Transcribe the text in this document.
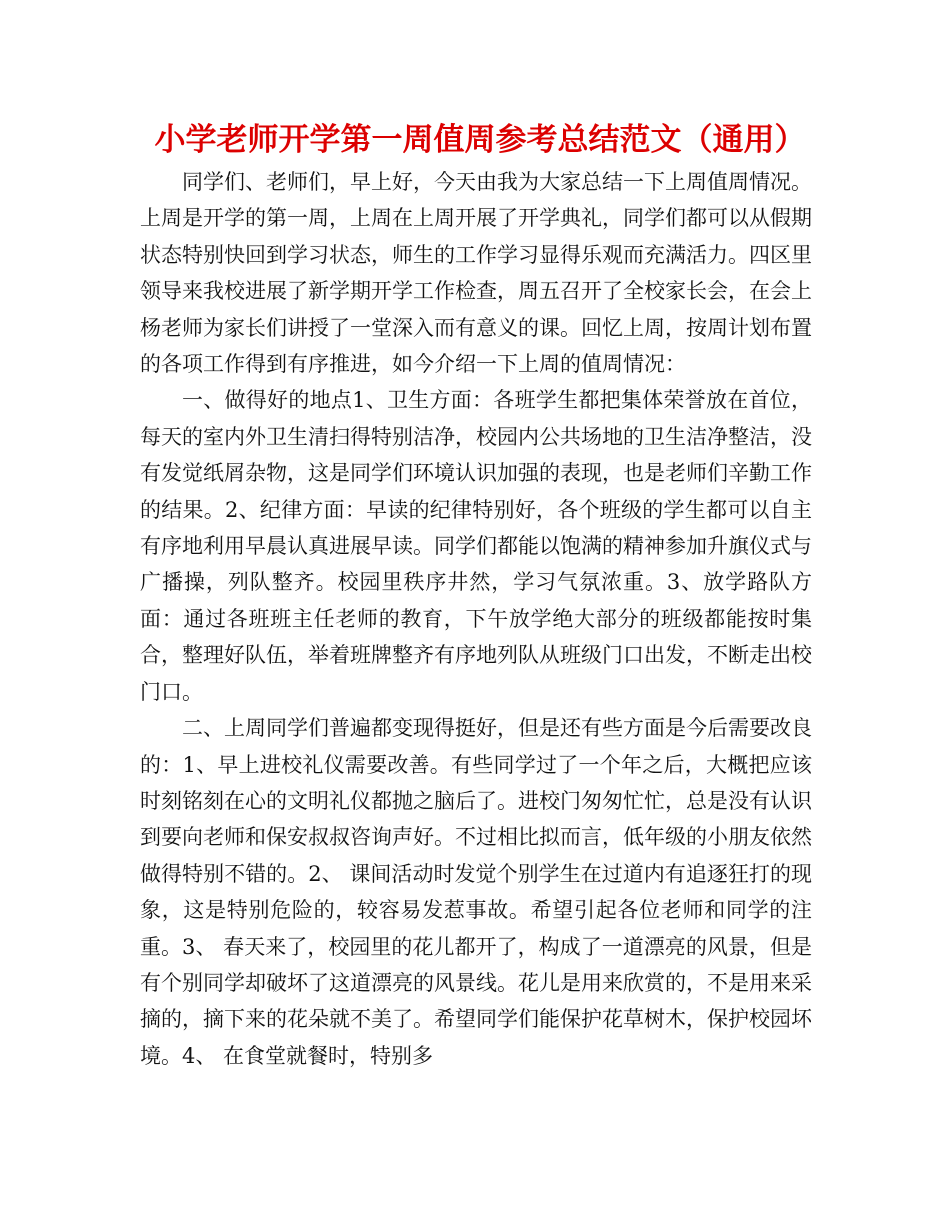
小学老师开学第一周值周参考总结范文（通用）

同学们、老师们，早上好，今天由我为大家总结一下上周值周情况。上周是开学的第一周，上周在上周开展了开学典礼，同学们都可以从假期状态特别快回到学习状态，师生的工作学习显得乐观而充满活力。四区里领导来我校进展了新学期开学工作检查，周五召开了全校家长会，在会上杨老师为家长们讲授了一堂深入而有意义的课。回忆上周，按周计划布置的各项工作得到有序推进，如今介绍一下上周的值周情况：

一、做得好的地点1、卫生方面：各班学生都把集体荣誉放在首位，每天的室内外卫生清扫得特别洁净，校园内公共场地的卫生洁净整洁，没有发觉纸屑杂物，这是同学们环境认识加强的表现，也是老师们辛勤工作的结果。2、纪律方面：早读的纪律特别好，各个班级的学生都可以自主有序地利用早晨认真进展早读。同学们都能以饱满的精神参加升旗仪式与广播操，列队整齐。校园里秩序井然，学习气氛浓重。3、放学路队方面：通过各班班主任老师的教育，下午放学绝大部分的班级都能按时集合，整理好队伍，举着班牌整齐有序地列队从班级门口出发，不断走出校门口。

二、上周同学们普遍都变现得挺好，但是还有些方面是今后需要改良的：1、早上进校礼仪需要改善。有些同学过了一个年之后，大概把应该时刻铭刻在心的文明礼仪都抛之脑后了。进校门匆匆忙忙，总是没有认识到要向老师和保安叔叔咨询声好。不过相比拟而言，低年级的小朋友依然做得特别不错的。2、 课间活动时发觉个别学生在过道内有追逐狂打的现象，这是特别危险的，较容易发惹事故。希望引起各位老师和同学的注重。3、 春天来了，校园里的花儿都开了，构成了一道漂亮的风景，但是有个别同学却破坏了这道漂亮的风景线。花儿是用来欣赏的，不是用来采摘的，摘下来的花朵就不美了。希望同学们能保护花草树木，保护校园坏境。4、 在食堂就餐时，特别多
